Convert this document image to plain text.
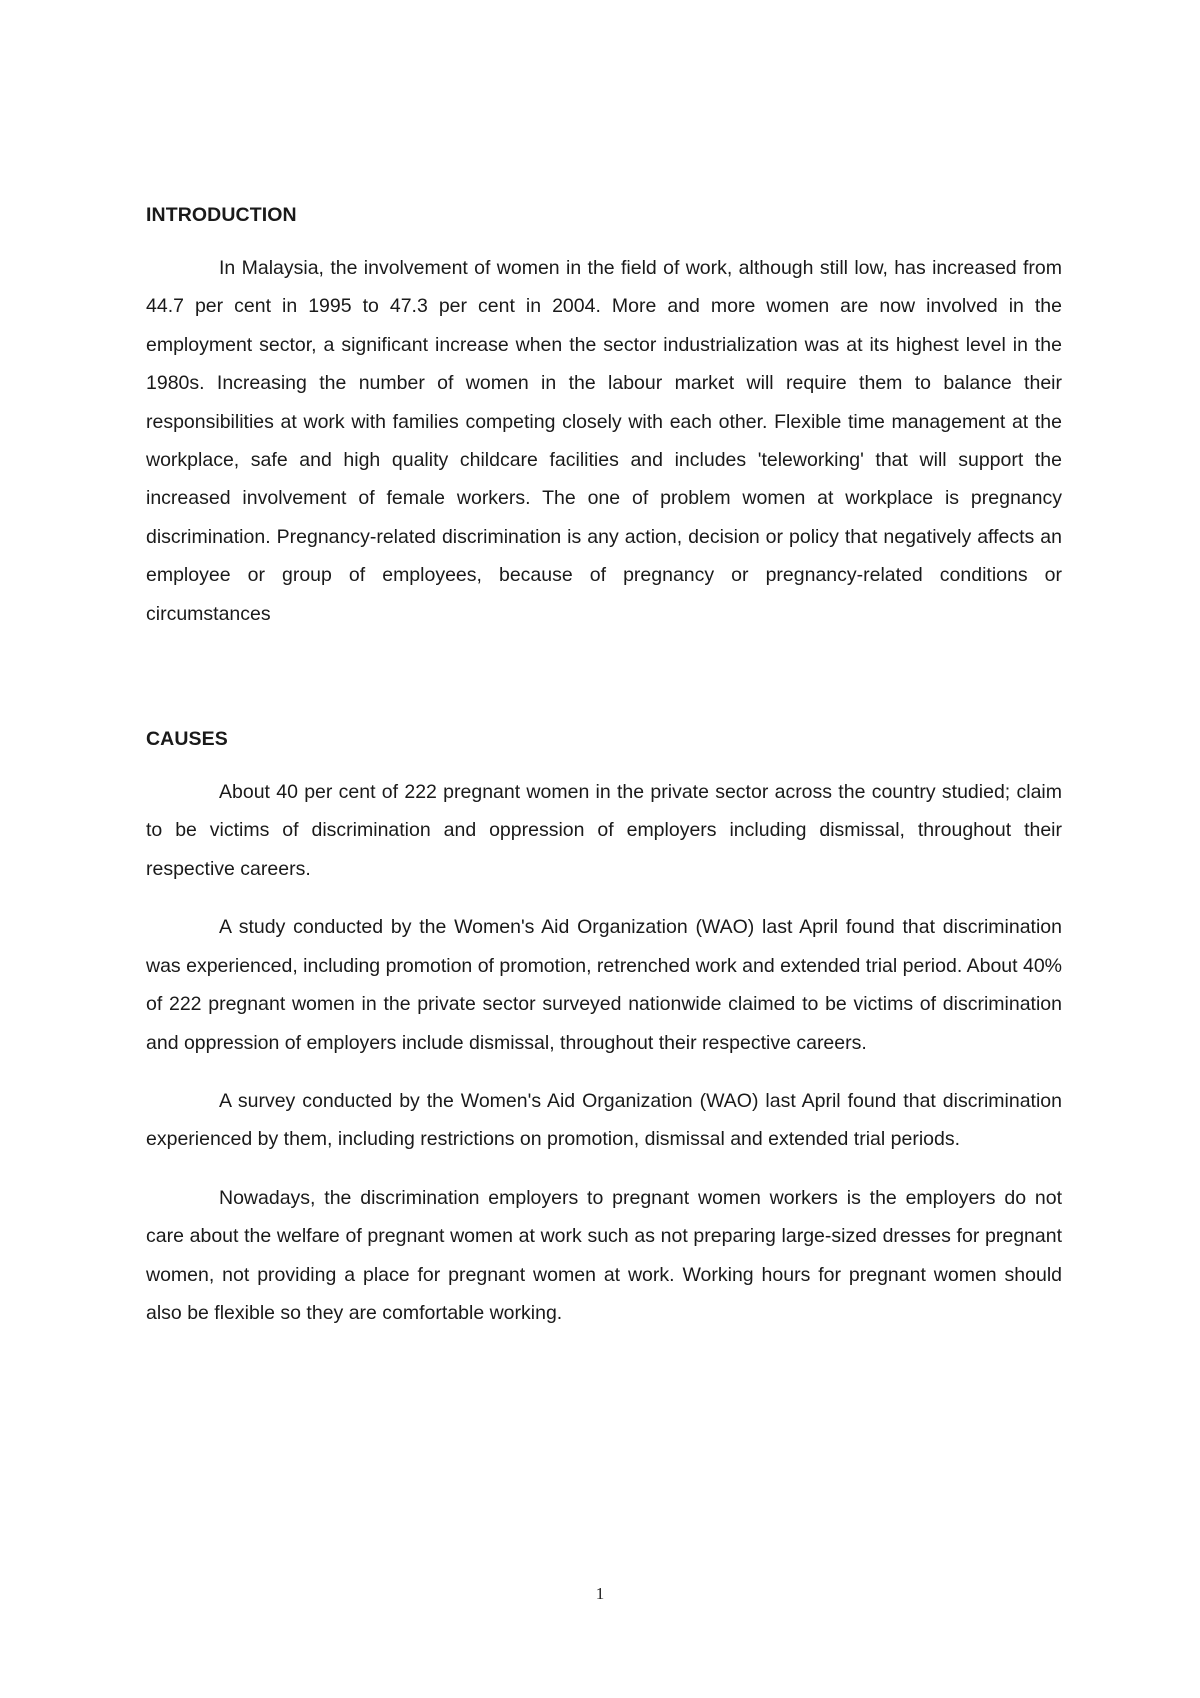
INTRODUCTION

In Malaysia, the involvement of women in the field of work, although still low, has increased from 44.7 per cent in 1995 to 47.3 per cent in 2004. More and more women are now involved in the employment sector, a significant increase when the sector industrialization was at its highest level in the 1980s. Increasing the number of women in the labour market will require them to balance their responsibilities at work with families competing closely with each other. Flexible time management at the workplace, safe and high quality childcare facilities and includes 'teleworking' that will support the increased involvement of female workers. The one of problem women at workplace is pregnancy discrimination. Pregnancy-related discrimination is any action, decision or policy that negatively affects an employee or group of employees, because of pregnancy or pregnancy-related conditions or circumstances

CAUSES

About 40 per cent of 222 pregnant women in the private sector across the country studied; claim to be victims of discrimination and oppression of employers including dismissal, throughout their respective careers.

A study conducted by the Women's Aid Organization (WAO) last April found that discrimination was experienced, including promotion of promotion, retrenched work and extended trial period. About 40% of 222 pregnant women in the private sector surveyed nationwide claimed to be victims of discrimination and oppression of employers include dismissal, throughout their respective careers.

A survey conducted by the Women's Aid Organization (WAO) last April found that discrimination experienced by them, including restrictions on promotion, dismissal and extended trial periods.

Nowadays, the discrimination employers to pregnant women workers is the employers do not care about the welfare of pregnant women at work such as not preparing large-sized dresses for pregnant women, not providing a place for pregnant women at work. Working hours for pregnant women should also be flexible so they are comfortable working.

1
